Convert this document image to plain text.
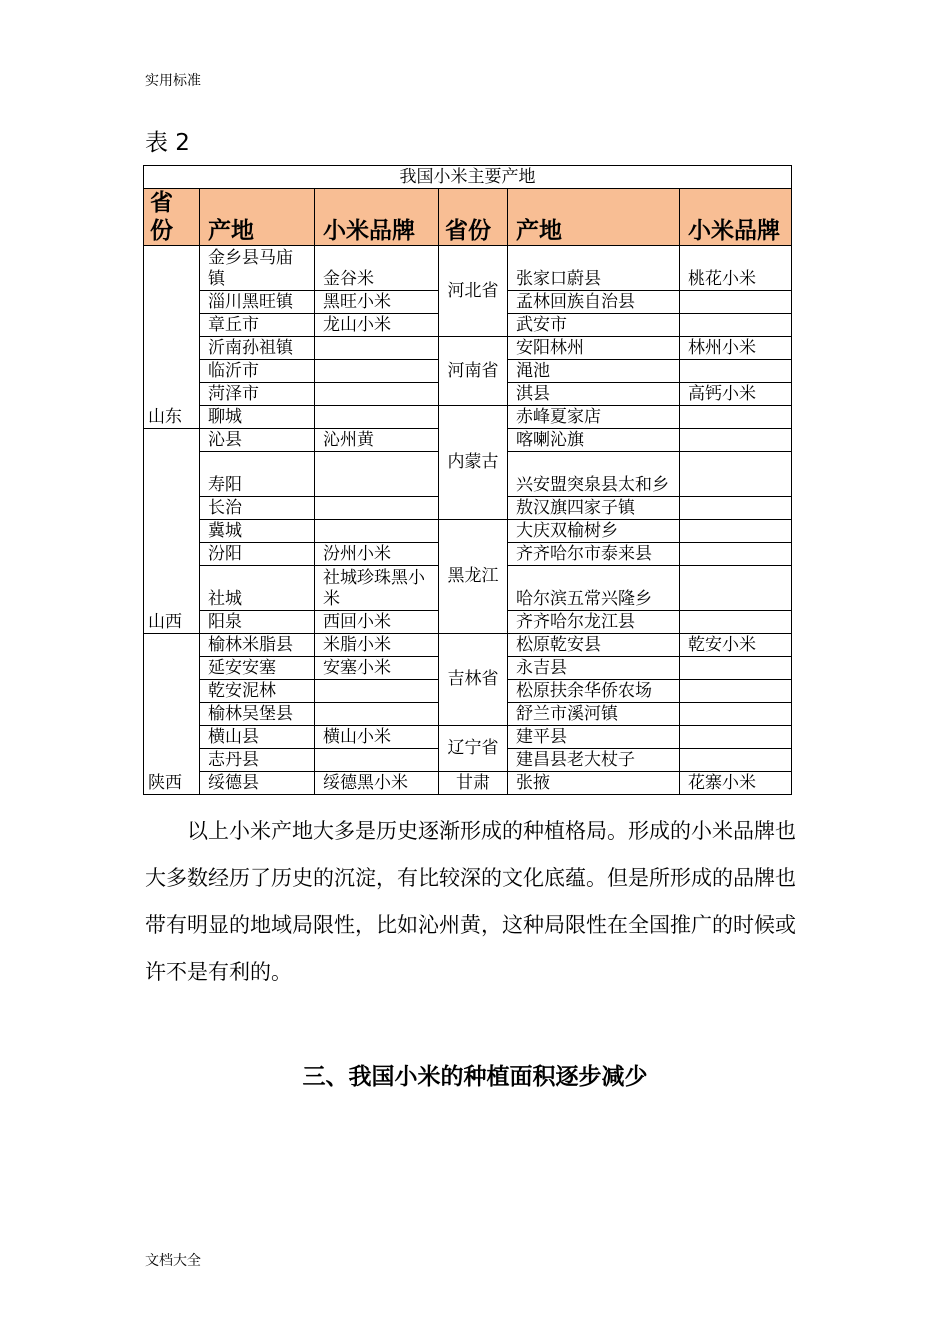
实用标准
表 2
我国小米主要产地					
省份	产地	小米品牌	省份	产地	小米品牌
山东	金乡县马庙镇	金谷米	河北省	张家口蔚县	桃花小米
	淄川黑旺镇	黑旺小米		孟林回族自治县	
	章丘市	龙山小米		武安市	
	沂南孙祖镇		河南省	安阳林州	林州小米
	临沂市			渑池	
	菏泽市			淇县	高钙小米
	聊城		内蒙古	赤峰夏家店	
山西	沁县	沁州黄		喀喇沁旗	
	寿阳			兴安盟突泉县太和乡	
	长治			敖汉旗四家子镇	
	冀城		黑龙江	大庆双榆树乡	
	汾阳	汾州小米		齐齐哈尔市泰来县	
	社城	社城珍珠黑小米		哈尔滨五常兴隆乡	
	阳泉	西回小米		齐齐哈尔龙江县	
陕西	榆林米脂县	米脂小米	吉林省	松原乾安县	乾安小米
	延安安塞	安塞小米		永吉县	
	乾安泥林			松原扶余华侨农场	
	榆林吴堡县			舒兰市溪河镇	
	横山县	横山小米	辽宁省	建平县	
	志丹县			建昌县老大杖子	
	绥德县	绥德黑小米	甘肃	张掖	花寨小米
以上小米产地大多是历史逐渐形成的种植格局。形成的小米品牌也大多数经历了历史的沉淀，有比较深的文化底蕴。但是所形成的品牌也带有明显的地域局限性，比如沁州黄，这种局限性在全国推广的时候或许不是有利的。
三、我国小米的种植面积逐步减少
文档大全
